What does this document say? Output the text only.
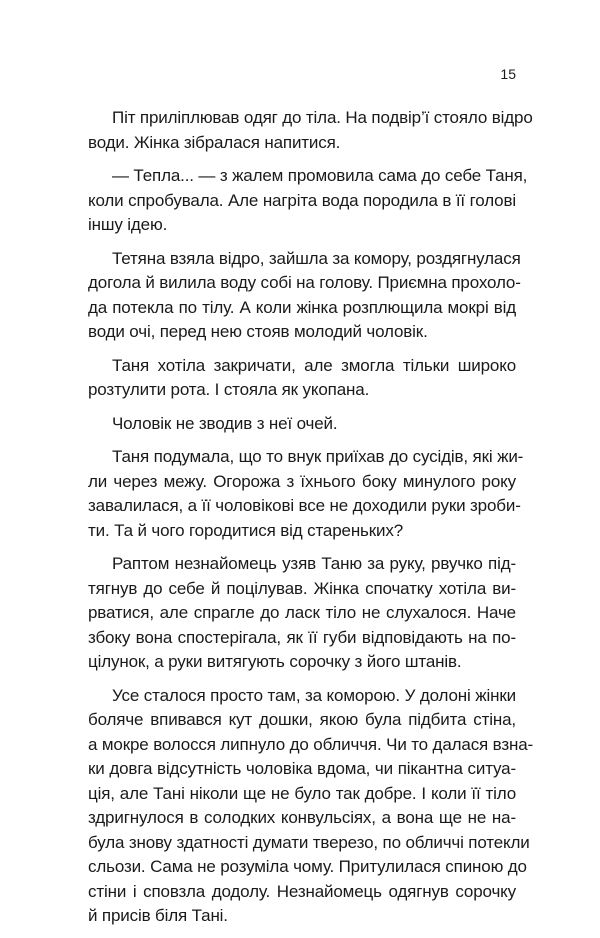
15
Піт приліплював одяг до тіла. На подвір’ї стояло відро
води. Жінка зібралася напитися.
— Тепла... — з жалем промовила сама до себе Таня,
коли спробувала. Але нагріта вода породила в її голові
іншу ідею.
Тетяна взяла відро, зайшла за комору, роздягнулася
догола й вилила воду собі на голову. Приємна прохоло-
да потекла по тілу. А коли жінка розплющила мокрі від
води очі, перед нею стояв молодий чоловік.
Таня хотіла закричати, але змогла тільки широко
розтулити рота. І стояла як укопана.
Чоловік не зводив з неї очей.
Таня подумала, що то внук приїхав до сусідів, які жи-
ли через межу. Огорожа з їхнього боку минулого року
завалилася, а її чоловікові все не доходили руки зроби-
ти. Та й чого городитися від стареньких?
Раптом незнайомець узяв Таню за руку, рвучко під-
тягнув до себе й поцілував. Жінка спочатку хотіла ви-
рватися, але спрагле до ласк тіло не слухалося. Наче
збоку вона спостерігала, як її губи відповідають на по-
цілунок, а руки витягують сорочку з його штанів.
Усе сталося просто там, за коморою. У долоні жінки
боляче впивався кут дошки, якою була підбита стіна,
а мокре волосся липнуло до обличчя. Чи то далася взна-
ки довга відсутність чоловіка вдома, чи пікантна ситуа-
ція, але Тані ніколи ще не було так добре. І коли її тіло
здригнулося в солодких конвульсіях, а вона ще не на-
була знову здатності думати тверезо, по обличчі потекли
сльози. Сама не розуміла чому. Притулилася спиною до
стіни і сповзла додолу. Незнайомець одягнув сорочку
й присів біля Тані.
